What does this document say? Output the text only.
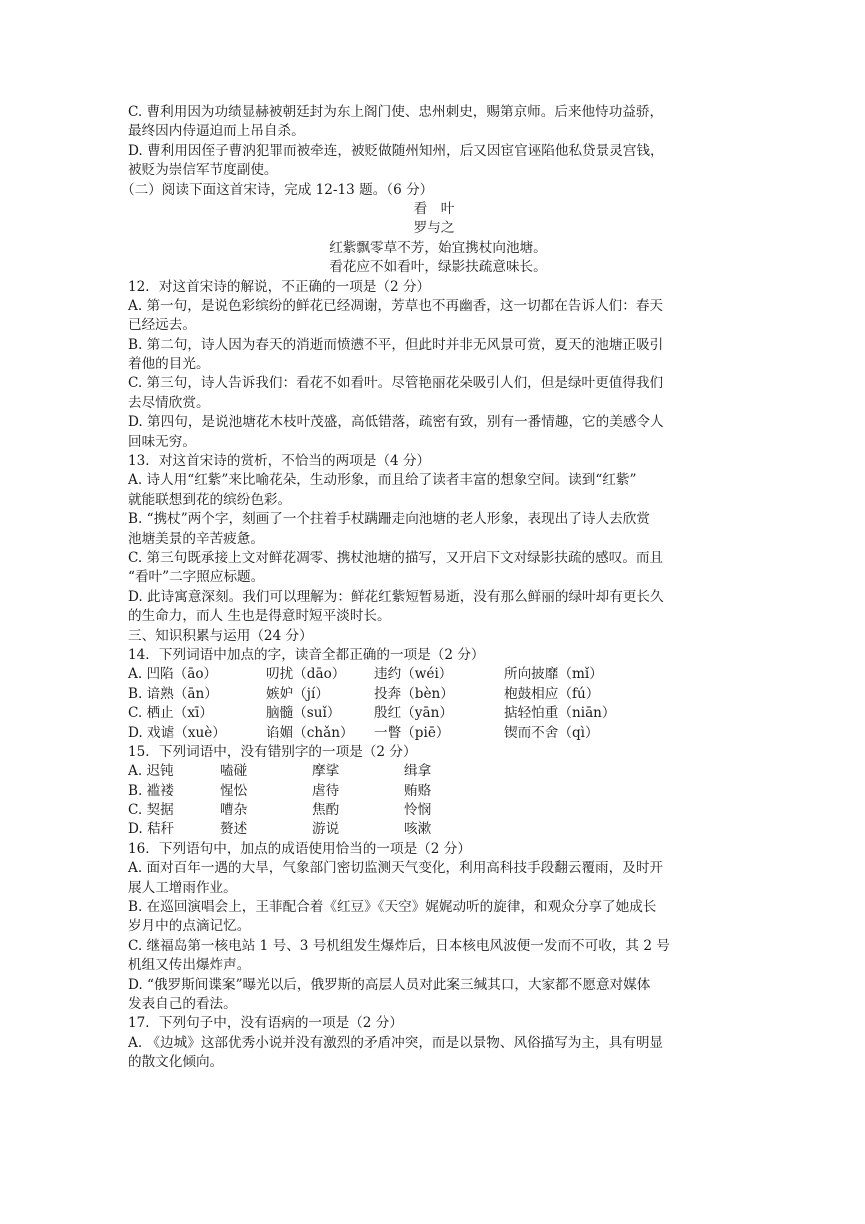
C. 曹利用因为功绩显赫被朝廷封为东上阁门使、忠州刺史，赐第京师。后来他恃功益骄，
最终因内侍逼迫而上吊自杀。
D. 曹利用因侄子曹汭犯罪而被牵连，被贬做随州知州，后又因宦官诬陷他私贷景灵宫钱，
被贬为崇信军节度副使。
（二）阅读下面这首宋诗，完成 12-13 题。（6 分）
看　叶
罗与之
红紫飘零草不芳，始宜携杖向池塘。
看花应不如看叶，绿影扶疏意味长。
12．对这首宋诗的解说，不正确的一项是（2 分）
A. 第一句，是说色彩缤纷的鲜花已经凋谢，芳草也不再幽香，这一切都在告诉人们：春天
已经远去。
B. 第二句，诗人因为春天的消逝而愤懑不平，但此时并非无风景可赏，夏天的池塘正吸引
着他的目光。
C. 第三句，诗人告诉我们：看花不如看叶。尽管艳丽花朵吸引人们，但是绿叶更值得我们
去尽情欣赏。
D. 第四句，是说池塘花木枝叶茂盛，高低错落，疏密有致，别有一番情趣，它的美感令人
回味无穷。
13．对这首宋诗的赏析，不恰当的两项是（4 分）
A. 诗人用“红紫”来比喻花朵，生动形象，而且给了读者丰富的想象空间。读到“红紫”
就能联想到花的缤纷色彩。
B. “携杖”两个字，刻画了一个拄着手杖蹒跚走向池塘的老人形象，表现出了诗人去欣赏
池塘美景的辛苦疲惫。
C. 第三句既承接上文对鲜花凋零、携杖池塘的描写，又开启下文对绿影扶疏的感叹。而且
“看叶”二字照应标题。
D. 此诗寓意深刻。我们可以理解为：鲜花红紫短暂易逝，没有那么鲜丽的绿叶却有更长久
的生命力，而人 生也是得意时短平淡时长。
三、知识积累与运用（24 分）
14．下列词语中加点的字，读音全都正确的一项是（2 分）
A. 凹陷（āo）	叨扰（dāo）	违约（wéi）	所向披靡（mǐ）
B. 谙熟（ān）	嫉妒（jí）	投奔（bèn）	枹鼓相应（fú）
C. 栖止（xī）	脑髓（suǐ）	殷红（yān）	掂轻怕重（niān）
D. 戏谑（xuè）	谄媚（chǎn）	一瞥（piē）	锲而不舍（qì）
15．下列词语中，没有错别字的一项是（2 分）
A. 迟钝	嗑碰	摩挲	缉拿
B. 褴褛	惺忪	虐待	贿赂
C. 契据	嘈杂	焦酌	怜悯
D. 秸秆	赘述	游说	咳漱
16．下列语句中，加点的成语使用恰当的一项是（2 分）
A. 面对百年一遇的大旱，气象部门密切监测天气变化，利用高科技手段翻云覆雨，及时开
展人工增雨作业。
B. 在巡回演唱会上，王菲配合着《红豆》《天空》娓娓动听的旋律，和观众分享了她成长
岁月中的点滴记忆。
C. 继福岛第一核电站 1 号、3 号机组发生爆炸后，日本核电风波便一发而不可收，其 2 号
机组又传出爆炸声。
D. “俄罗斯间谍案”曝光以后，俄罗斯的高层人员对此案三缄其口，大家都不愿意对媒体
发表自己的看法。
17．下列句子中，没有语病的一项是（2 分）
A. 《边城》这部优秀小说并没有激烈的矛盾冲突，而是以景物、风俗描写为主，具有明显
的散文化倾向。
